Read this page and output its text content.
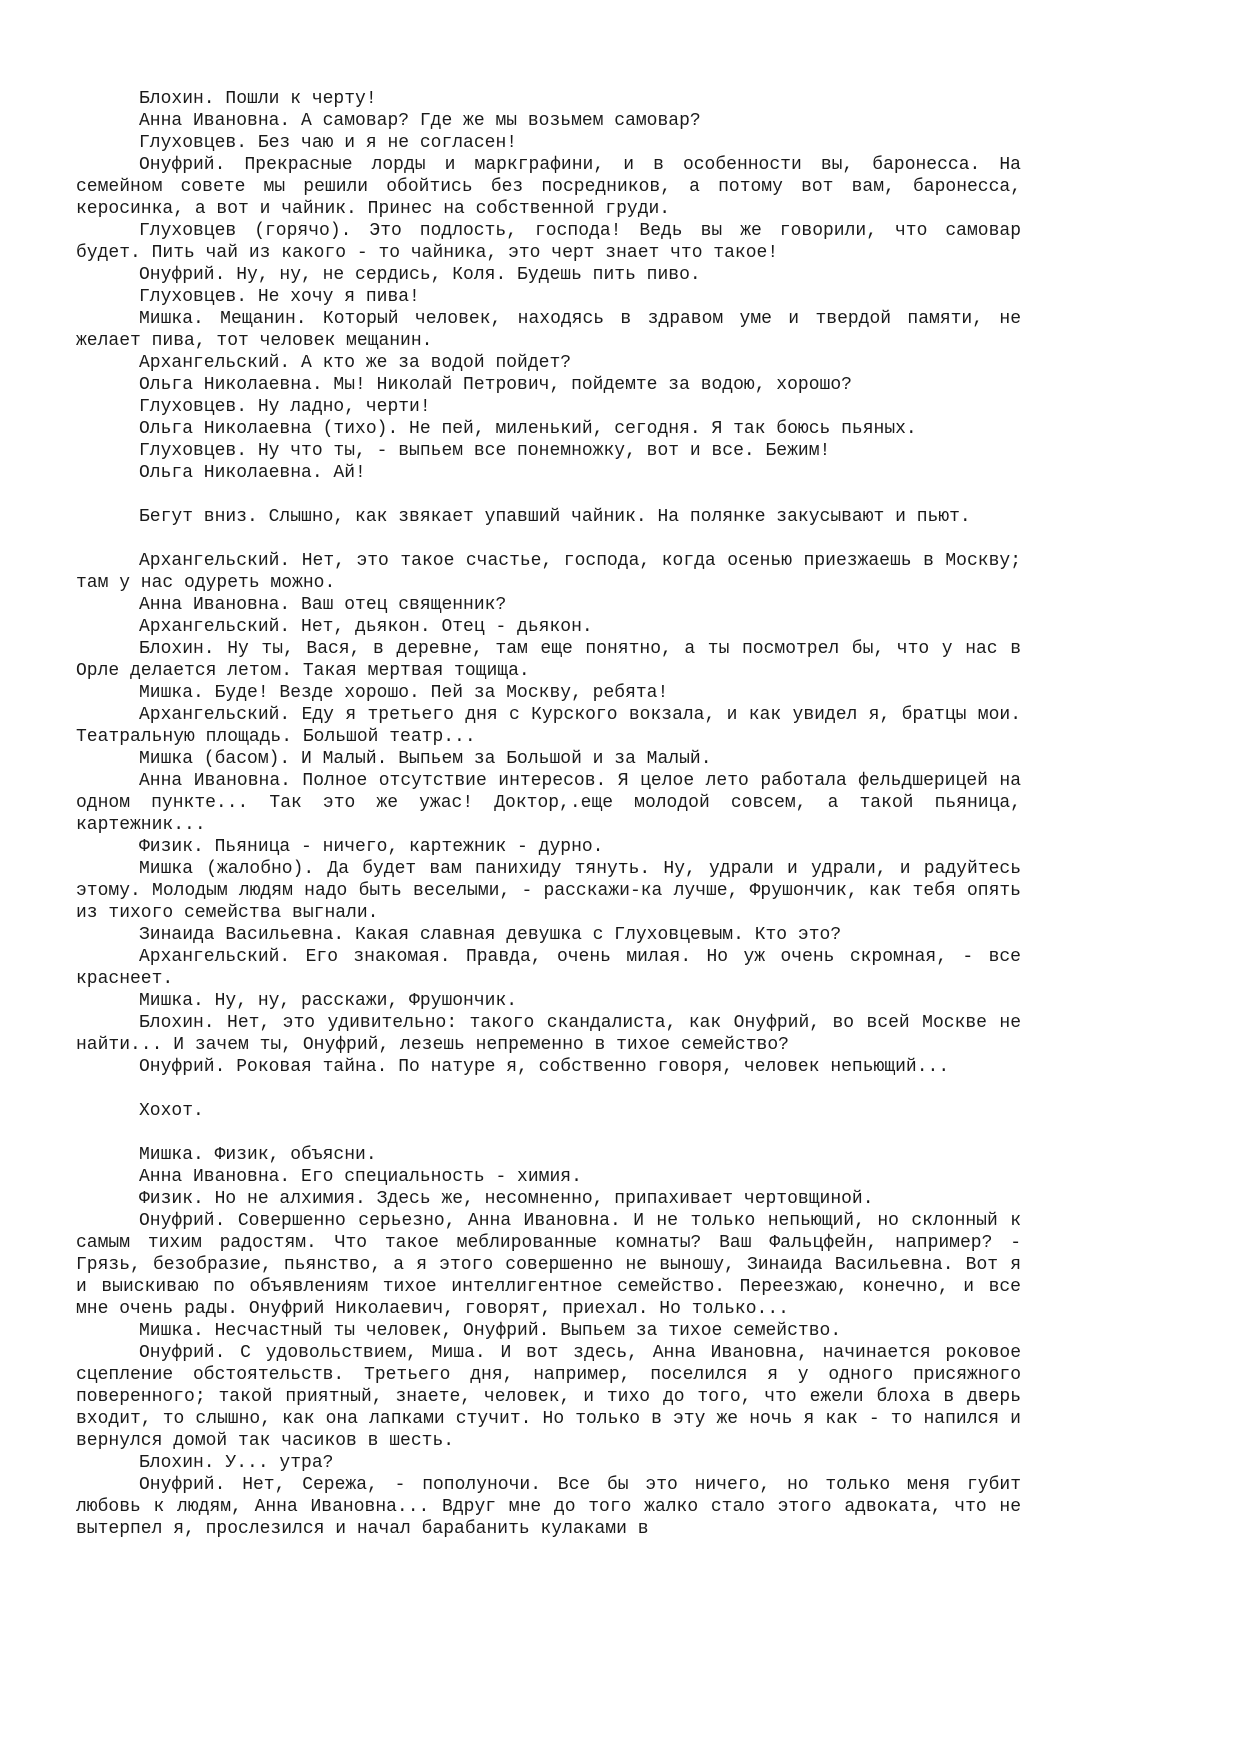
Блохин. Пошли к черту!

Анна Ивановна. А самовар? Где же мы возьмем самовар?

Глуховцев. Без чаю и я не согласен!

Онуфрий. Прекрасные лорды и маркграфини, и в особенности вы, баронесса. На семейном совете мы решили обойтись без посредников, а потому вот вам, баронесса, керосинка, а вот и чайник. Принес на собственной груди.

Глуховцев (горячо). Это подлость, господа! Ведь вы же говорили, что самовар будет. Пить чай из какого - то чайника, это черт знает что такое!

Онуфрий. Ну, ну, не сердись, Коля. Будешь пить пиво.

Глуховцев. Не хочу я пива!

Мишка. Мещанин. Который человек, находясь в здравом уме и твердой памяти, не желает пива, тот человек мещанин.

Архангельский. А кто же за водой пойдет?

Ольга Николаевна. Мы! Николай Петрович, пойдемте за водою, хорошо?

Глуховцев. Ну ладно, черти!

Ольга Николаевна (тихо). Не пей, миленький, сегодня. Я так боюсь пьяных.

Глуховцев. Ну что ты, - выпьем все понемножку, вот и все. Бежим!

Ольга Николаевна. Ай!

Бегут вниз. Слышно, как звякает упавший чайник. На полянке закусывают и пьют.

Архангельский. Нет, это такое счастье, господа, когда осенью приезжаешь в Москву; там у нас одуреть можно.

Анна Ивановна. Ваш отец священник?

Архангельский. Нет, дьякон. Отец - дьякон.

Блохин. Ну ты, Вася, в деревне, там еще понятно, а ты посмотрел бы, что у нас в Орле делается летом. Такая мертвая тощища.

Мишка. Буде! Везде хорошо. Пей за Москву, ребята!

Архангельский. Еду я третьего дня с Курского вокзала, и как увидел я, братцы мои. Театральную площадь. Большой театр...

Мишка (басом). И Малый. Выпьем за Большой и за Малый.

Анна Ивановна. Полное отсутствие интересов. Я целое лето работала фельдшерицей на одном пункте... Так это же ужас! Доктор,.еще молодой совсем, а такой пьяница, картежник...

Физик. Пьяница - ничего, картежник - дурно.

Мишка (жалобно). Да будет вам панихиду тянуть. Ну, удрали и удрали, и радуйтесь этому. Молодым людям надо быть веселыми, - расскажи-ка лучше, Фрушончик, как тебя опять из тихого семейства выгнали.

Зинаида Васильевна. Какая славная девушка с Глуховцевым. Кто это?

Архангельский. Его знакомая. Правда, очень милая. Но уж очень скромная, - все краснеет.

Мишка. Ну, ну, расскажи, Фрушончик.

Блохин. Нет, это удивительно: такого скандалиста, как Онуфрий, во всей Москве не найти... И зачем ты, Онуфрий, лезешь непременно в тихое семейство?

Онуфрий. Роковая тайна. По натуре я, собственно говоря, человек непьющий...

Хохот.

Мишка. Физик, объясни.

Анна Ивановна. Его специальность - химия.

Физик. Но не алхимия. Здесь же, несомненно, припахивает чертовщиной.

Онуфрий. Совершенно серьезно, Анна Ивановна. И не только непьющий, но склонный к самым тихим радостям. Что такое меблированные комнаты? Ваш Фальцфейн, например? - Грязь, безобразие, пьянство, а я этого совершенно не выношу, Зинаида Васильевна. Вот я и выискиваю по объявлениям тихое интеллигентное семейство. Переезжаю, конечно, и все мне очень рады. Онуфрий Николаевич, говорят, приехал. Но только...

Мишка. Несчастный ты человек, Онуфрий. Выпьем за тихое семейство.

Онуфрий. С удовольствием, Миша. И вот здесь, Анна Ивановна, начинается роковое сцепление обстоятельств. Третьего дня, например, поселился я у одного присяжного поверенного; такой приятный, знаете, человек, и тихо до того, что ежели блоха в дверь входит, то слышно, как она лапками стучит. Но только в эту же ночь я как - то напился и вернулся домой так часиков в шесть.

Блохин. У... утра?

Онуфрий. Нет, Сережа, - пополуночи. Все бы это ничего, но только меня губит любовь к людям, Анна Ивановна... Вдруг мне до того жалко стало этого адвоката, что не вытерпел я, прослезился и начал барабанить кулаками в
